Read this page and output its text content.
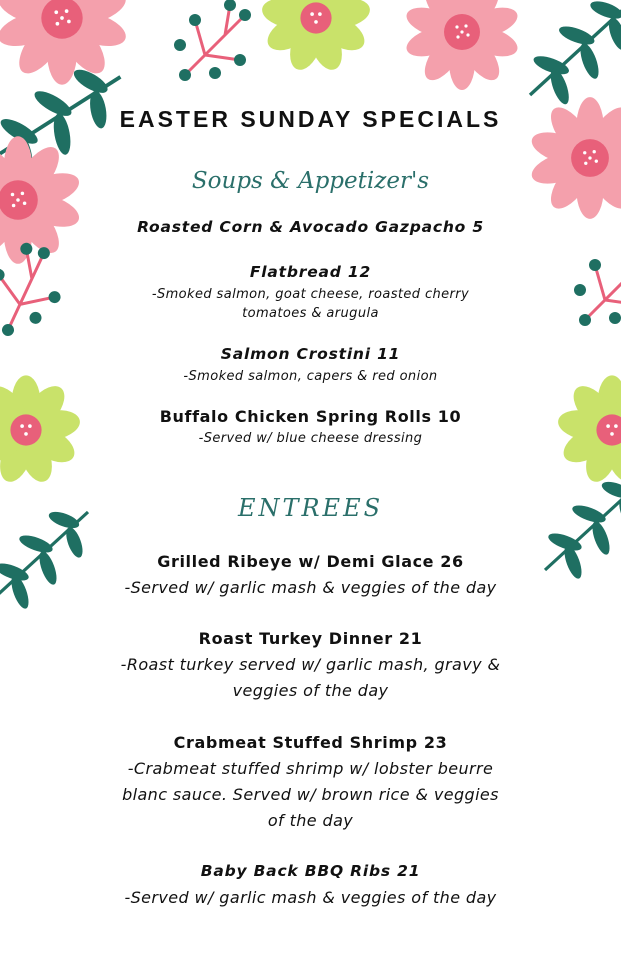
EASTER SUNDAY SPECIALS
Soups & Appetizer's
Roasted Corn & Avocado Gazpacho 5
Flatbread 12
-Smoked salmon, goat cheese, roasted cherry
tomatoes & arugula
Salmon Crostini 11
-Smoked salmon, capers & red onion
Buffalo Chicken Spring Rolls 10
-Served w/ blue cheese dressing
ENTREES
Grilled Ribeye w/ Demi Glace 26
-Served w/ garlic mash & veggies of the day
Roast Turkey Dinner 21
-Roast turkey served w/ garlic mash, gravy &
veggies of the day
Crabmeat Stuffed Shrimp 23
-Crabmeat stuffed shrimp w/ lobster beurre
blanc sauce. Served w/ brown rice & veggies
of the day
Baby Back BBQ Ribs 21
-Served w/ garlic mash & veggies of the day
